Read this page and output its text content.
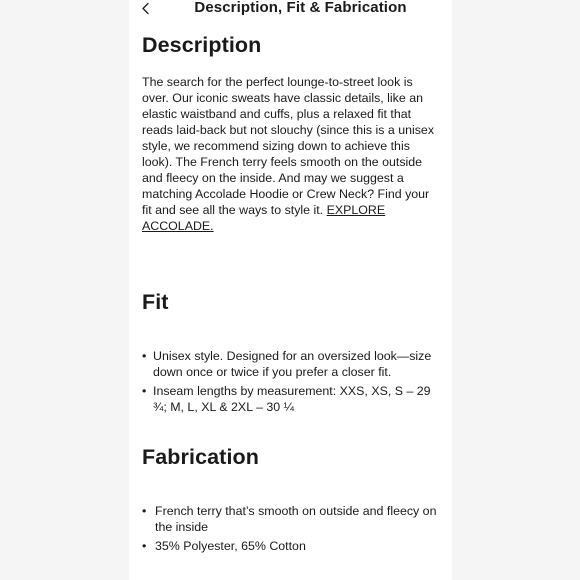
Description, Fit & Fabrication
Description

The search for the perfect lounge-to-street look is over. Our iconic sweats have classic details, like an elastic waistband and cuffs, plus a relaxed fit that reads laid-back but not slouchy (since this is a unisex style, we recommend sizing down to achieve this look). The French terry feels smooth on the outside and fleecy on the inside. And may we suggest a matching Accolade Hoodie or Crew Neck? Find your fit and see all the ways to style it. EXPLORE ACCOLADE.

Fit
• Unisex style. Designed for an oversized look—size down once or twice if you prefer a closer fit.
• Inseam lengths by measurement: XXS, XS, S – 29 ¾; M, L, XL & 2XL – 30 ¼
Fabrication
• French terry that’s smooth on outside and fleecy on the inside
• 35% Polyester, 65% Cotton
